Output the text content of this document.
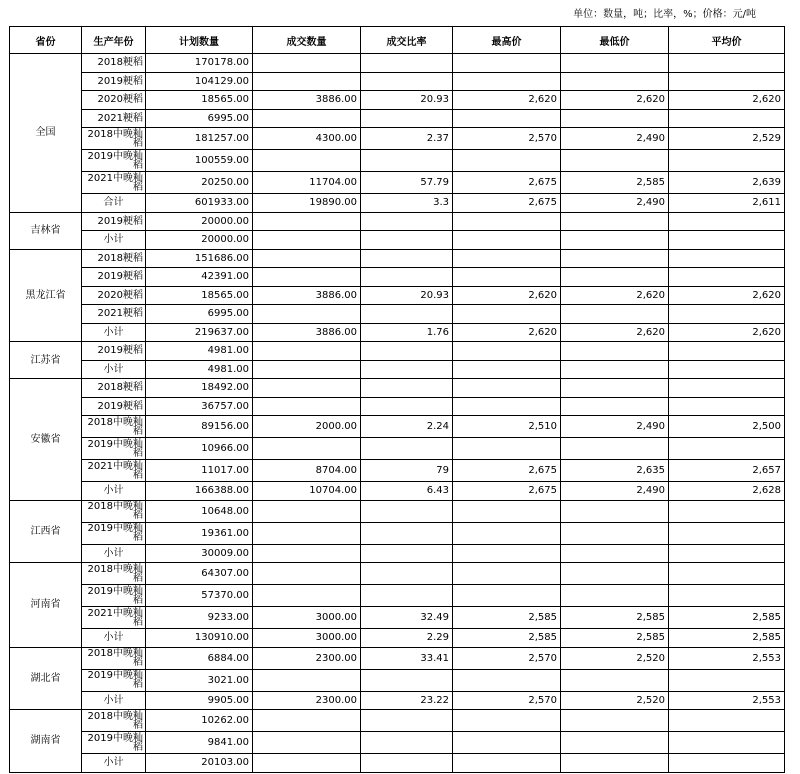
单位：数量，吨；比率，%；价格：元/吨
省份	生产年份	计划数量	成交数量	成交比率	最高价	最低价	平均价
全国	2018粳稻	170178.00					
	2019粳稻	104129.00					
	2020粳稻	18565.00	3886.00	20.93	2,620	2,620	2,620
	2021粳稻	6995.00					
	2018中晚籼稻	181257.00	4300.00	2.37	2,570	2,490	2,529
	2019中晚籼稻	100559.00					
	2021中晚籼稻	20250.00	11704.00	57.79	2,675	2,585	2,639
	合计	601933.00	19890.00	3.3	2,675	2,490	2,611
吉林省	2019粳稻	20000.00					
	小计	20000.00					
黑龙江省	2018粳稻	151686.00					
	2019粳稻	42391.00					
	2020粳稻	18565.00	3886.00	20.93	2,620	2,620	2,620
	2021粳稻	6995.00					
	小计	219637.00	3886.00	1.76	2,620	2,620	2,620
江苏省	2019粳稻	4981.00					
	小计	4981.00					
安徽省	2018粳稻	18492.00					
	2019粳稻	36757.00					
	2018中晚籼稻	89156.00	2000.00	2.24	2,510	2,490	2,500
	2019中晚籼稻	10966.00					
	2021中晚籼稻	11017.00	8704.00	79	2,675	2,635	2,657
	小计	166388.00	10704.00	6.43	2,675	2,490	2,628
江西省	2018中晚籼稻	10648.00					
	2019中晚籼稻	19361.00					
	小计	30009.00					
河南省	2018中晚籼稻	64307.00					
	2019中晚籼稻	57370.00					
	2021中晚籼稻	9233.00	3000.00	32.49	2,585	2,585	2,585
	小计	130910.00	3000.00	2.29	2,585	2,585	2,585
湖北省	2018中晚籼稻	6884.00	2300.00	33.41	2,570	2,520	2,553
	2019中晚籼稻	3021.00					
	小计	9905.00	2300.00	23.22	2,570	2,520	2,553
湖南省	2018中晚籼稻	10262.00					
	2019中晚籼稻	9841.00					
	小计	20103.00					
